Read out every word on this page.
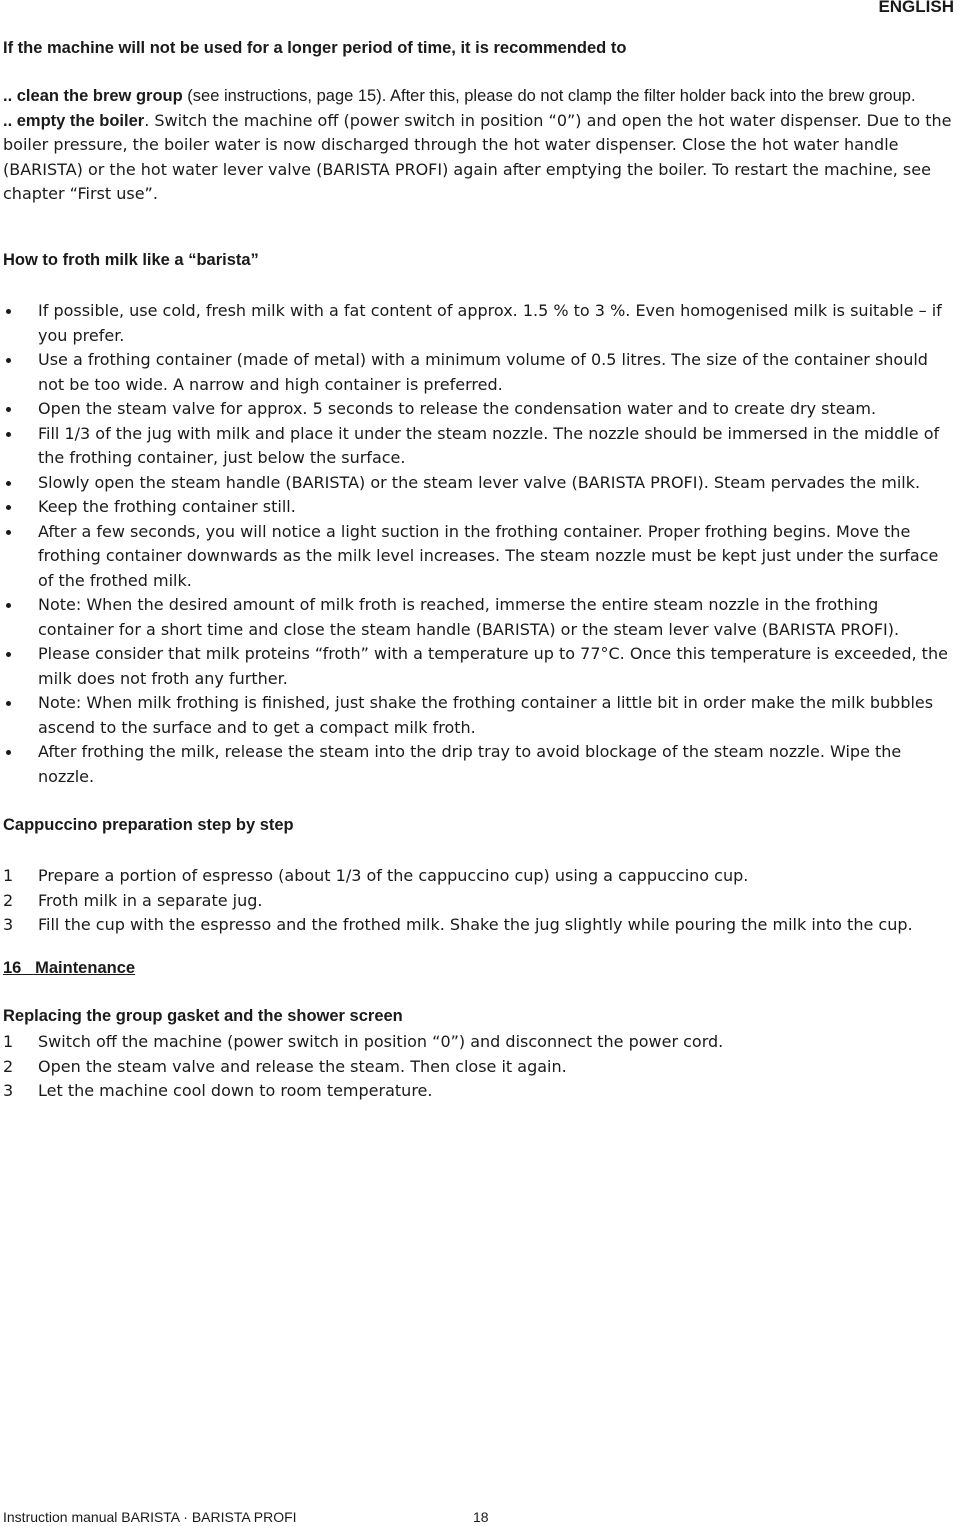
ENGLISH

If the machine will not be used for a longer period of time, it is recommended to

.. clean the brew group (see instructions, page 15). After this, please do not clamp the filter holder back into the brew group.

.. empty the boiler. Switch the machine off (power switch in position “0”) and open the hot water dispenser. Due to the boiler pressure, the boiler water is now discharged through the hot water dispenser. Close the hot water handle (BARISTA) or the hot water lever valve (BARISTA PROFI) again after emptying the boiler. To restart the machine, see chapter “First use”.

How to froth milk like a “barista”

If possible, use cold, fresh milk with a fat content of approx. 1.5 % to 3 %. Even homogenised milk is suitable – if you prefer.
Use a frothing container (made of metal) with a minimum volume of 0.5 litres. The size of the container should not be too wide. A narrow and high container is preferred.
Open the steam valve for approx. 5 seconds to release the condensation water and to create dry steam.
Fill 1/3 of the jug with milk and place it under the steam nozzle. The nozzle should be immersed in the middle of the frothing container, just below the surface.
Slowly open the steam handle (BARISTA) or the steam lever valve (BARISTA PROFI). Steam pervades the milk.
Keep the frothing container still.
After a few seconds, you will notice a light suction in the frothing container. Proper frothing begins. Move the frothing container downwards as the milk level increases. The steam nozzle must be kept just under the surface of the frothed milk.
Note: When the desired amount of milk froth is reached, immerse the entire steam nozzle in the frothing container for a short time and close the steam handle (BARISTA) or the steam lever valve (BARISTA PROFI).
Please consider that milk proteins “froth” with a temperature up to 77°C. Once this temperature is exceeded, the milk does not froth any further.
Note: When milk frothing is finished, just shake the frothing container a little bit in order make the milk bubbles ascend to the surface and to get a compact milk froth.
After frothing the milk, release the steam into the drip tray to avoid blockage of the steam nozzle. Wipe the nozzle.

Cappuccino preparation step by step

1 Prepare a portion of espresso (about 1/3 of the cappuccino cup) using a cappuccino cup.
2 Froth milk in a separate jug.
3 Fill the cup with the espresso and the frothed milk. Shake the jug slightly while pouring the milk into the cup.

16   Maintenance

Replacing the group gasket and the shower screen

1 Switch off the machine (power switch in position “0”) and disconnect the power cord.
2 Open the steam valve and release the steam. Then close it again.
3 Let the machine cool down to room temperature.
Instruction manual BARISTA · BARISTA PROFI	18
